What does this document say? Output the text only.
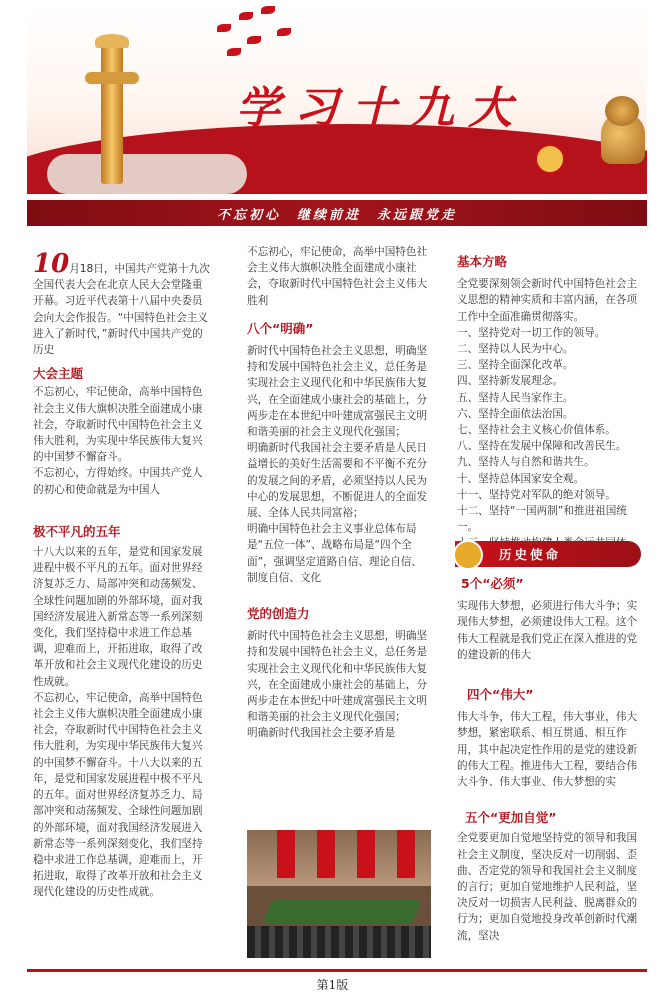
学习十九大
不忘初心　继续前进　永远跟党走

10月18日，中国共产党第十九次全国代表大会在北京人民大会堂隆重开幕。习近平代表第十八届中央委员会向大会作报告。“中国特色社会主义进入了新时代，”新时代中国共产党的历史

大会主题

不忘初心，牢记使命，高举中国特色社会主义伟大旗帜决胜全面建成小康社会，夺取新时代中国特色社会主义伟大胜利，为实现中华民族伟大复兴的中国梦不懈奋斗。

不忘初心，方得始终。中国共产党人的初心和使命就是为中国人

极不平凡的五年

十八大以来的五年，是党和国家发展进程中极不平凡的五年。面对世界经济复苏乏力、局部冲突和动荡频发、全球性问题加剧的外部环境，面对我国经济发展进入新常态等一系列深刻变化，我们坚持稳中求进工作总基调，迎难而上，开拓进取，取得了改革开放和社会主义现代化建设的历史性成就。

不忘初心，牢记使命，高举中国特色社会主义伟大旗帜决胜全面建成小康社会，夺取新时代中国特色社会主义伟大胜利，为实现中华民族伟大复兴的中国梦不懈奋斗。十八大以来的五年，是党和国家发展进程中极不平凡的五年。面对世界经济复苏乏力、局部冲突和动荡频发、全球性问题加剧的外部环境，面对我国经济发展进入新常态等一系列深刻变化，我们坚持稳中求进工作总基调，迎难而上，开拓进取，取得了改革开放和社会主义现代化建设的历史性成就。

不忘初心，牢记使命，高举中国特色社会主义伟大旗帜决胜全面建成小康社会，夺取新时代中国特色社会主义伟大胜利

八个“明确”

新时代中国特色社会主义思想，明确坚持和发展中国特色社会主义，总任务是实现社会主义现代化和中华民族伟大复兴，在全面建成小康社会的基础上，分两步走在本世纪中叶建成富强民主文明和谐美丽的社会主义现代化强国；

明确新时代我国社会主要矛盾是人民日益增长的美好生活需要和不平衡不充分的发展之间的矛盾，必须坚持以人民为中心的发展思想，不断促进人的全面发展、全体人民共同富裕；

明确中国特色社会主义事业总体布局是“五位一体”、战略布局是“四个全面”，强调坚定道路自信、理论自信、制度自信、文化

党的创造力

新时代中国特色社会主义思想，明确坚持和发展中国特色社会主义，总任务是实现社会主义现代化和中华民族伟大复兴，在全面建成小康社会的基础上，分两步走在本世纪中叶建成富强民主文明和谐美丽的社会主义现代化强国；

明确新时代我国社会主要矛盾是

基本方略

全党要深刻领会新时代中国特色社会主义思想的精神实质和丰富内涵，在各项工作中全面准确贯彻落实。

一、坚持党对一切工作的领导。

二、坚持以人民为中心。

三、坚持全面深化改革。

四、坚持新发展理念。

五、坚持人民当家作主。

六、坚持全面依法治国。

七、坚持社会主义核心价值体系。

八、坚持在发展中保障和改善民生。

九、坚持人与自然和谐共生。

十、坚持总体国家安全观。

十一、坚持党对军队的绝对领导。

十二、坚持“一国两制”和推进祖国统一。

历史使命

5个“必须”

实现伟大梦想，必须进行伟大斗争；实现伟大梦想，必须建设伟大工程。这个伟大工程就是我们党正在深入推进的党的建设新的伟大

四个“伟大”

伟大斗争，伟大工程，伟大事业，伟大梦想，紧密联系、相互贯通、相互作用，其中起决定性作用的是党的建设新的伟大工程。推进伟大工程，要结合伟大斗争、伟大事业、伟大梦想的实

五个“更加自觉”

全党要更加自觉地坚持党的领导和我国社会主义制度，坚决反对一切削弱、歪曲、否定党的领导和我国社会主义制度的言行；更加自觉地维护人民利益，坚决反对一切损害人民利益、脱离群众的行为；更加自觉地投身改革创新时代潮流，坚决

第1版
